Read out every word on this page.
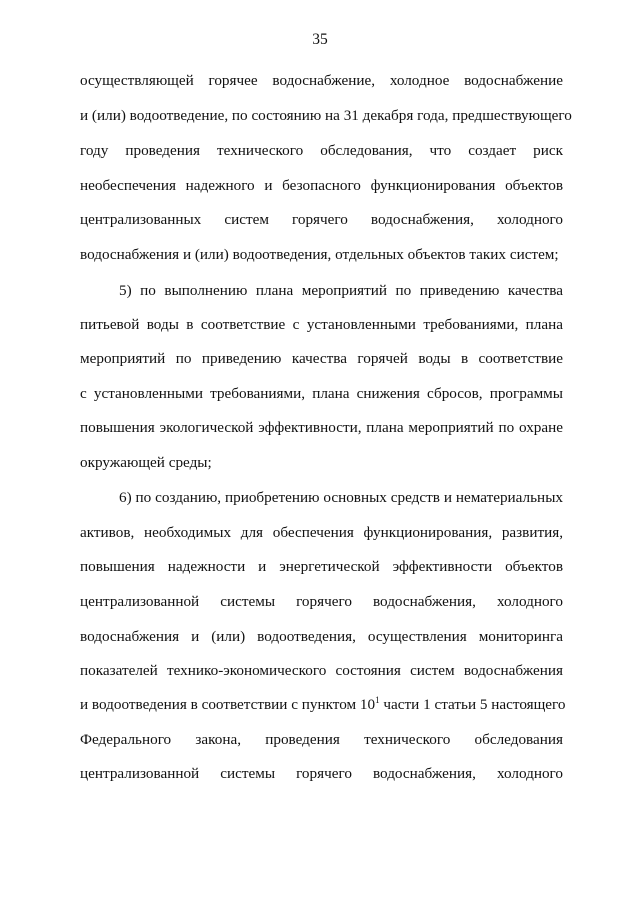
35
осуществляющей горячее водоснабжение, холодное водоснабжение
и (или) водоотведение, по состоянию на 31 декабря года, предшествующего
году проведения технического обследования, что создает риск
необеспечения надежного и безопасного функционирования объектов
централизованных систем горячего водоснабжения, холодного
водоснабжения и (или) водоотведения, отдельных объектов таких систем;
5) по выполнению плана мероприятий по приведению качества
питьевой воды в соответствие с установленными требованиями, плана
мероприятий по приведению качества горячей воды в соответствие
с установленными требованиями, плана снижения сбросов, программы
повышения экологической эффективности, плана мероприятий по охране
окружающей среды;
6) по созданию, приобретению основных средств и нематериальных
активов, необходимых для обеспечения функционирования, развития,
повышения надежности и энергетической эффективности объектов
централизованной системы горячего водоснабжения, холодного
водоснабжения и (или) водоотведения, осуществления мониторинга
показателей технико-экономического состояния систем водоснабжения
и водоотведения в соответствии с пунктом $10^1$ части 1 статьи 5 настоящего
Федерального закона, проведения технического обследования
централизованной системы горячего водоснабжения, холодного
